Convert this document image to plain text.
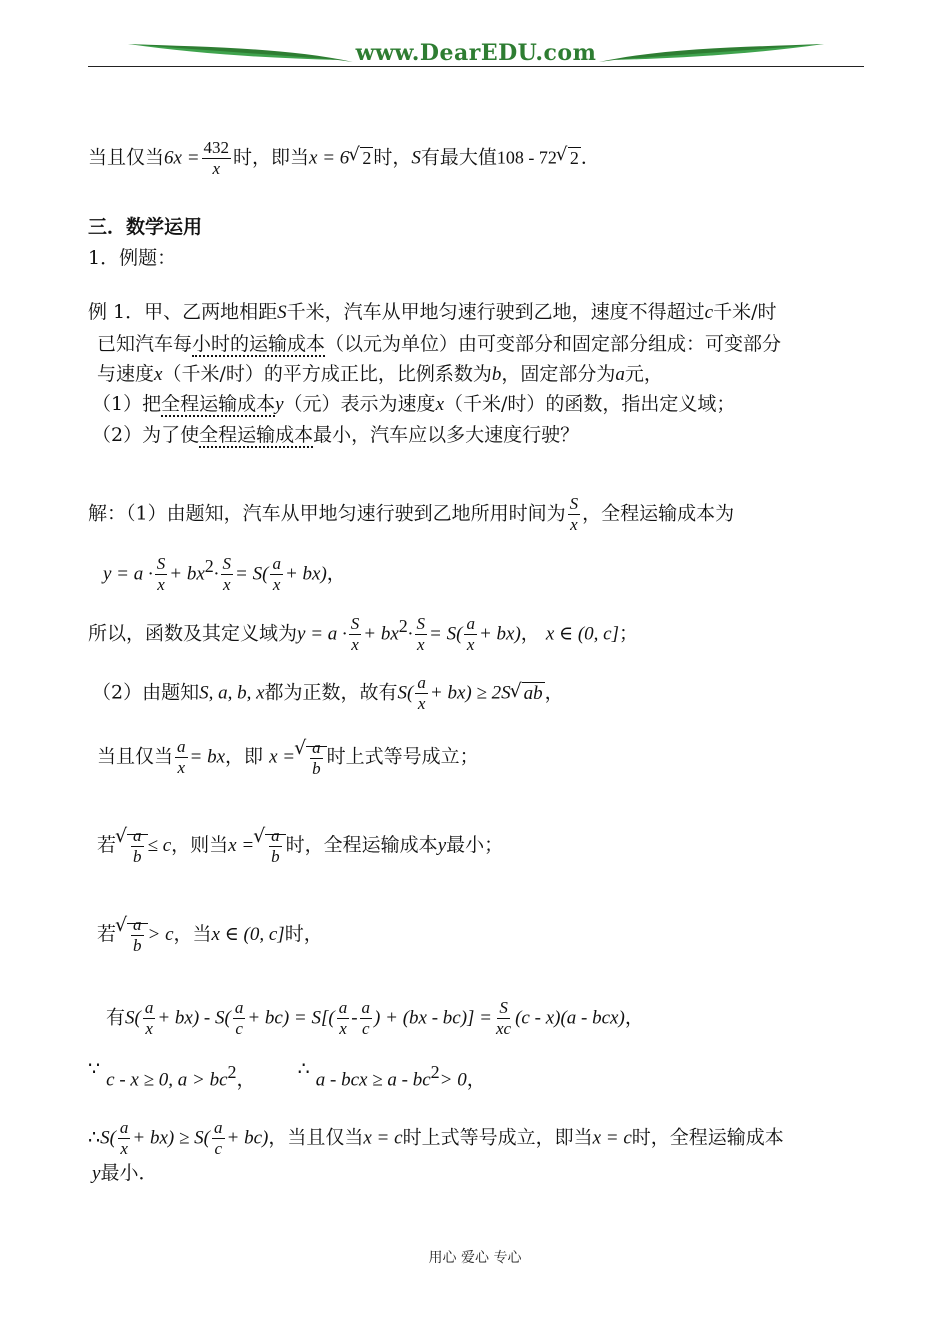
www.DearEDU.com
当且仅当$6x = \frac{432}{x}$ 时，即当x = 6√ 2 时，S有最大值108 - 72√ 2 ．
三．数学运用
1．例题：
例 1．甲、乙两地相距S千米，汽车从甲地匀速行驶到乙地，速度不得超过c千米/时
已知汽车每小时的运输成本（以元为单位）由可变部分和固定部分组成：可变部分
与速度x（千米/时）的平方成正比，比例系数为b，固定部分为a元，
（1）把全程运输成本y（元）表示为速度x（千米/时）的函数，指出定义域；
（2）为了使全程运输成本最小，汽车应以多大速度行驶？
解：（1）由题知，汽车从甲地匀速行驶到乙地所用时间为 $\frac{S}{x}$ ，全程运输成本为
$y = a \cdot \frac{S}{x} + bx^2\cdot \frac{S}{x} = S( \frac{a}{x} + bx)$，
所以，函数及其定义域为$y = a \cdot \frac{S}{x} + bx^2\cdot \frac{S}{x} = S( \frac{a}{x} + bx)$， x ∈ (0, c]；
（2）由题知S, a, b, x都为正数，故有$S( \frac{a}{x} + bx) \ge 2S√$ ab ，
当且仅当 $\frac{a}{x}$ = bx，即 x =
√ $\frac{a}{b}$ 时上式等号成立；
若
√ $\frac{a}{b} \le c$，则当x =
√ $\frac{a}{b}$ 时，全程运输成本y最小；
若
√ $\frac{a}{b} > c$，当x ∈ (0, c]时，
有$S( \frac{a}{x} + bx) - S( \frac{a}{c} + bc) = S[( \frac{a}{x} - \frac{a}{c}$ ) + $(bx - bc)] = \frac{S}{xc} (c - x)(a - bcx)$，
∵ c - x ≥ 0, $a > bc^2$， ∴ a - bcx ≥ $a - bc^2> 0$，
∴S( $\frac{a}{x} + bx) \ge S( \frac{a}{c} + bc)$，当且仅当x = c时上式等号成立，即当x = c时，全程运输成本
y最小．
用心 爱心 专心
